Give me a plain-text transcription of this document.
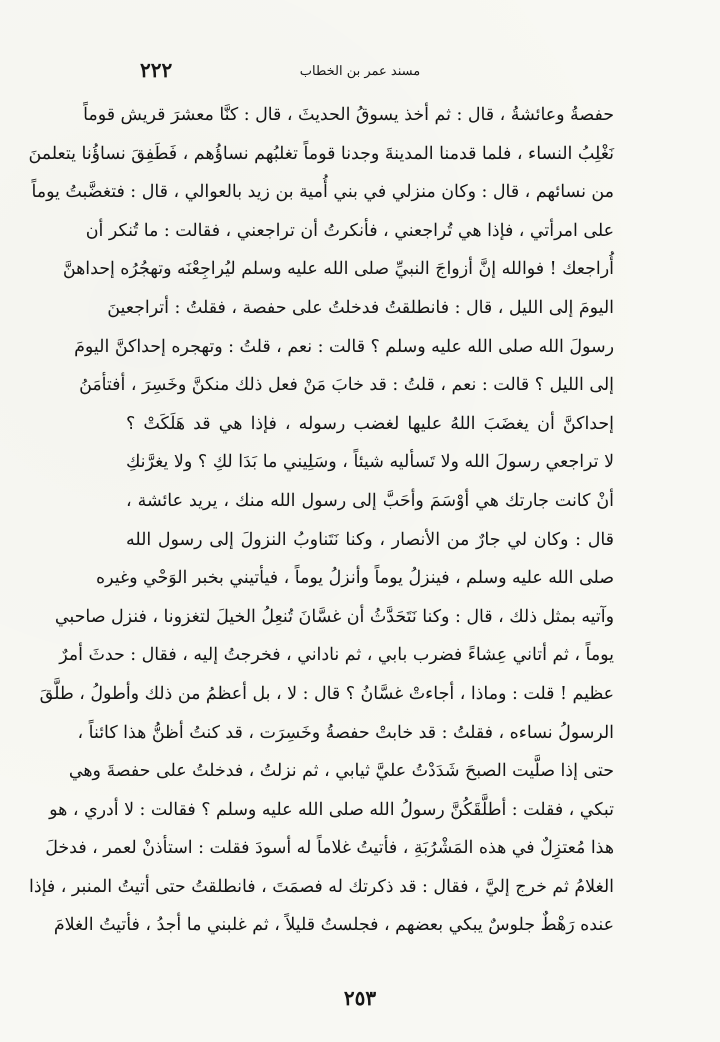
٢٢٢	مسند عمر بن الخطاب
حفصةُ وعائشةُ ، قال : ثم أخذ يسوقُ الحديثَ ، قال : كنَّا معشرَ قريش قوماً
نَغْلِبُ النساء ، فلما قدمنا المدينةَ وجدنا قوماً تغلبُهم نساؤُهم ، فَطَفِقَ نساؤُنا يتعلمنَ
من نسائهم ، قال : وكان منزلي في بني أُمية بن زيد بالعوالي ، قال : فتغضَّبتُ يوماً
على امرأتي ، فإذا هي تُراجعني ، فأنكرتُ أن تراجعني ، فقالت : ما تُنكر أن
أُراجعك ! فوالله إنَّ أزواجَ النبيِّ صلى الله عليه وسلم ليُراجِعْنَه وتهجُرُه إحداهنَّ
اليومَ إلى الليل ، قال : فانطلقتُ فدخلتُ على حفصة ، فقلتُ : أتراجعينَ
رسولَ الله صلى الله عليه وسلم ؟ قالت : نعم ، قلتُ : وتهجره إحداكنَّ اليومَ
إلى الليل ؟ قالت : نعم ، قلتُ : قد خابَ مَنْ فعل ذلك منكنَّ وخَسِرَ ، أفتأمَنُ
إحداكنَّ أن يغضَبَ اللهُ عليها لغضب رسوله ، فإذا هي قد هَلَكَتْ ؟
لا تراجعي رسولَ الله ولا تَسأليه شيئاً ، وسَلِيني ما بَدَا لكِ ؟ ولا يغرَّنكِ
أنْ كانت جارتك هي أوْسَمَ وأحَبَّ إلى رسول الله منك ، يريد عائشة ،
قال : وكان لي جارٌ من الأنصار ، وكنا نَتَناوبُ النزولَ إلى رسول الله
صلى الله عليه وسلم ، فينزلُ يوماً وأنزلُ يوماً ، فيأتيني بخبر الوَحْي وغيره
وآتيه بمثل ذلك ، قال : وكنا نَتَحَدَّثُ أن غسَّانَ تُنعِلُ الخيلَ لتغزونا ، فنزل صاحبي
يوماً ، ثم أتاني عِشاءً فضرب بابي ، ثم ناداني ، فخرجتُ إليه ، فقال : حدثَ أمرٌ
عظيم ! قلت : وماذا ، أجاءتْ غسَّانُ ؟ قال : لا ، بل أعظمُ من ذلك وأطولُ ، طلَّقَ
الرسولُ نساءه ، فقلتُ : قد خابتْ حفصةُ وخَسِرَت ، قد كنتُ أظنُّ هذا كائناً ،
حتى إذا صلَّيت الصبحَ شَدَدْتُ عليَّ ثيابي ، ثم نزلتُ ، فدخلتُ على حفصةَ وهي
تبكي ، فقلت : أطلَّقَكُنَّ رسولُ الله صلى الله عليه وسلم ؟ فقالت : لا أدري ، هو
هذا مُعتزِلٌ في هذه المَشْرُبَةِ ، فأتيتُ غلاماً له أسودَ فقلت : استأذنْ لعمر ، فدخلَ
الغلامُ ثم خرج إليَّ ، فقال : قد ذكرتك له فصمَتَ ، فانطلقتُ حتى أتيتُ المنبر ، فإذا
عنده رَهْطٌ جلوسٌ يبكي بعضهم ، فجلستُ قليلاً ، ثم غلبني ما أجدُ ، فأتيتُ الغلامَ
٢٥٣
